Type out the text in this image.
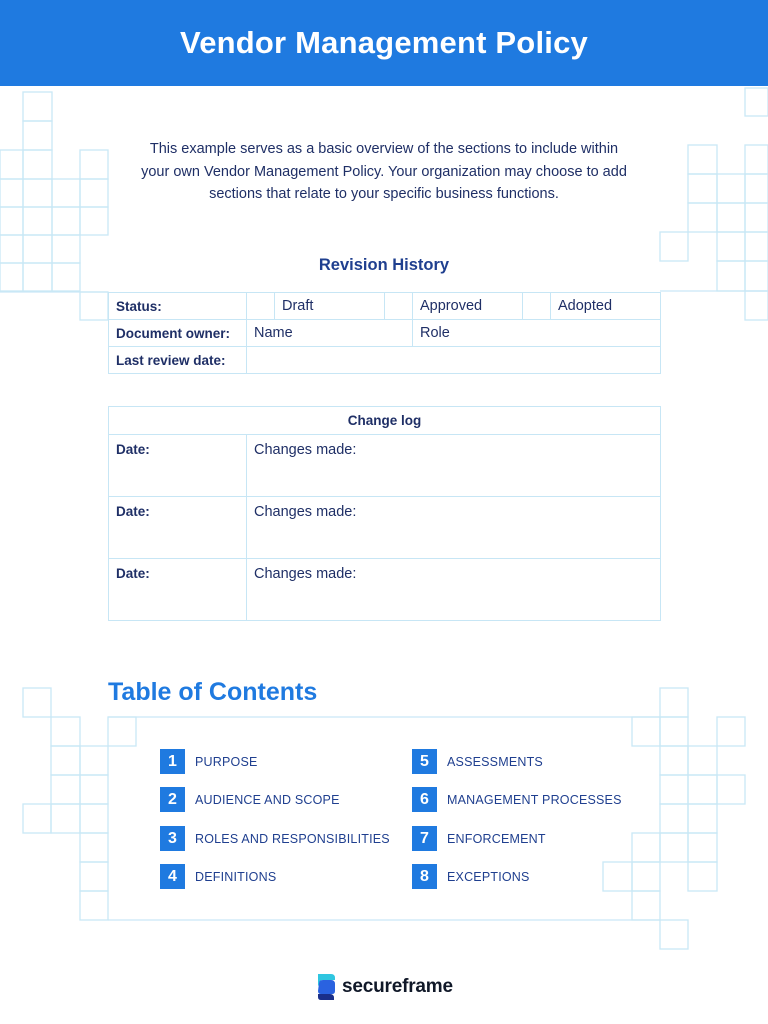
Vendor Management Policy
This example serves as a basic overview of the sections to include within your own Vendor Management Policy. Your organization may choose to add sections that relate to your specific business functions.
Revision History
Status:		Draft		Approved		Adopted
Document owner:	Name			Role		
Last review date:						
Change log	
Date:	Changes made:
Date:	Changes made:
Date:	Changes made:
Table of Contents
1	PURPOSE
2	AUDIENCE AND SCOPE
3	ROLES AND RESPONSIBILITIES
4	DEFINITIONS
5	ASSESSMENTS
6	MANAGEMENT PROCESSES
7	ENFORCEMENT
8	EXCEPTIONS
secureframe
